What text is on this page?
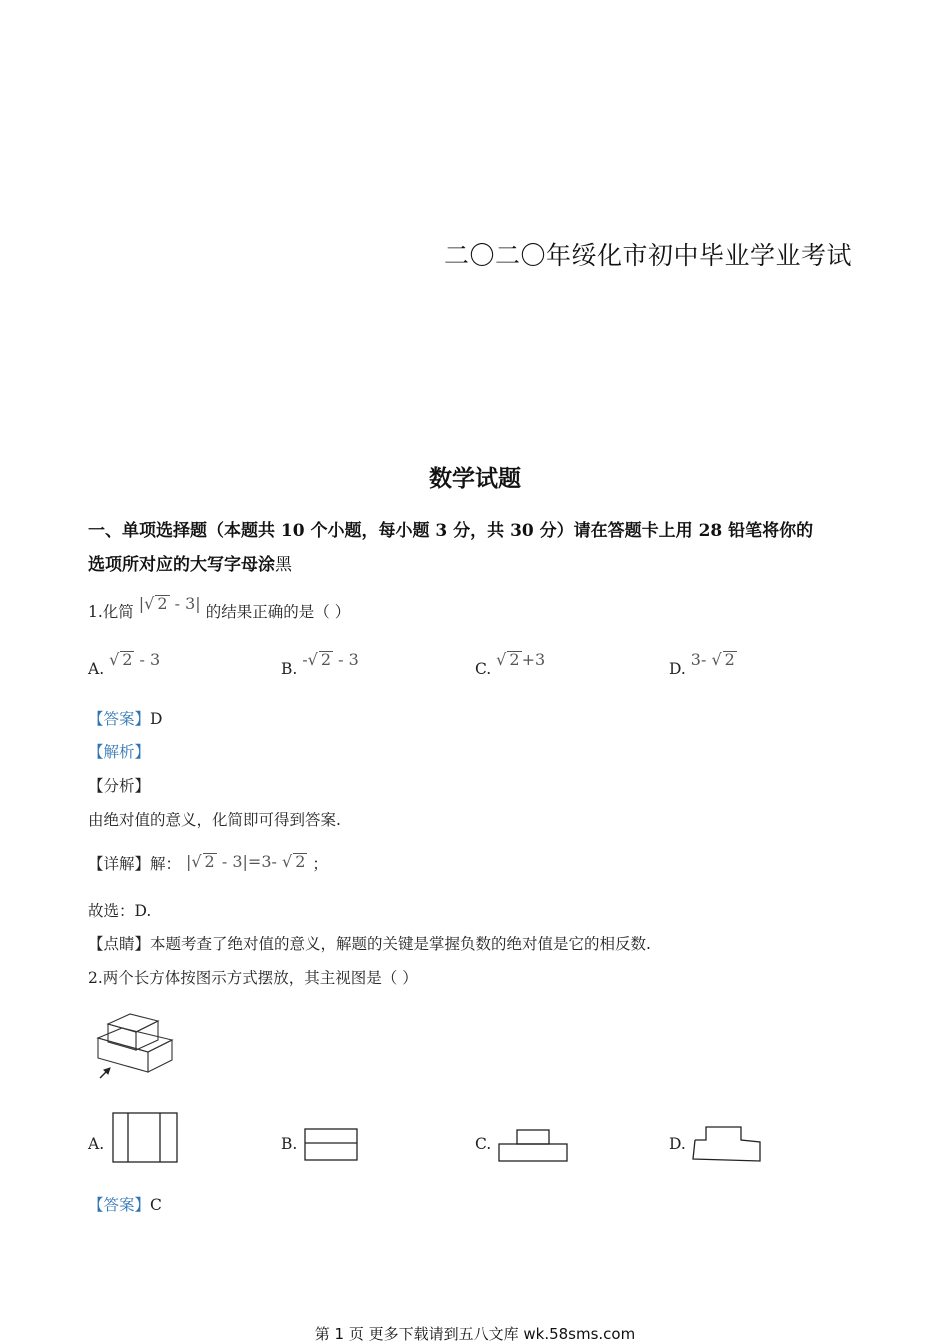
二〇二〇年绥化市初中毕业学业考试
数学试题
一、单项选择题（本题共 10 个小题，每小题 3 分，共 30 分）请在答题卡上用 28 铅笔将你的
选项所对应的大写字母涂黑
1.化简 |√ 2 - 3| 的结果正确的是（ ）
A. √ 2 - 3	B. -√ 2 - 3	C. √ 2 +3	D. 3- √ 2
【答案】D
【解析】
【分析】
由绝对值的意义，化简即可得到答案.
【详解】解： |√ 2 - 3|=3- √ 2 ；
故选：D.
【点睛】本题考查了绝对值的意义，解题的关键是掌握负数的绝对值是它的相反数.
2.两个长方体按图示方式摆放，其主视图是（ ）
A.	B.	C.	D.
【答案】C
第 1 页 更多下载请到五八文库 wk.58sms.com
